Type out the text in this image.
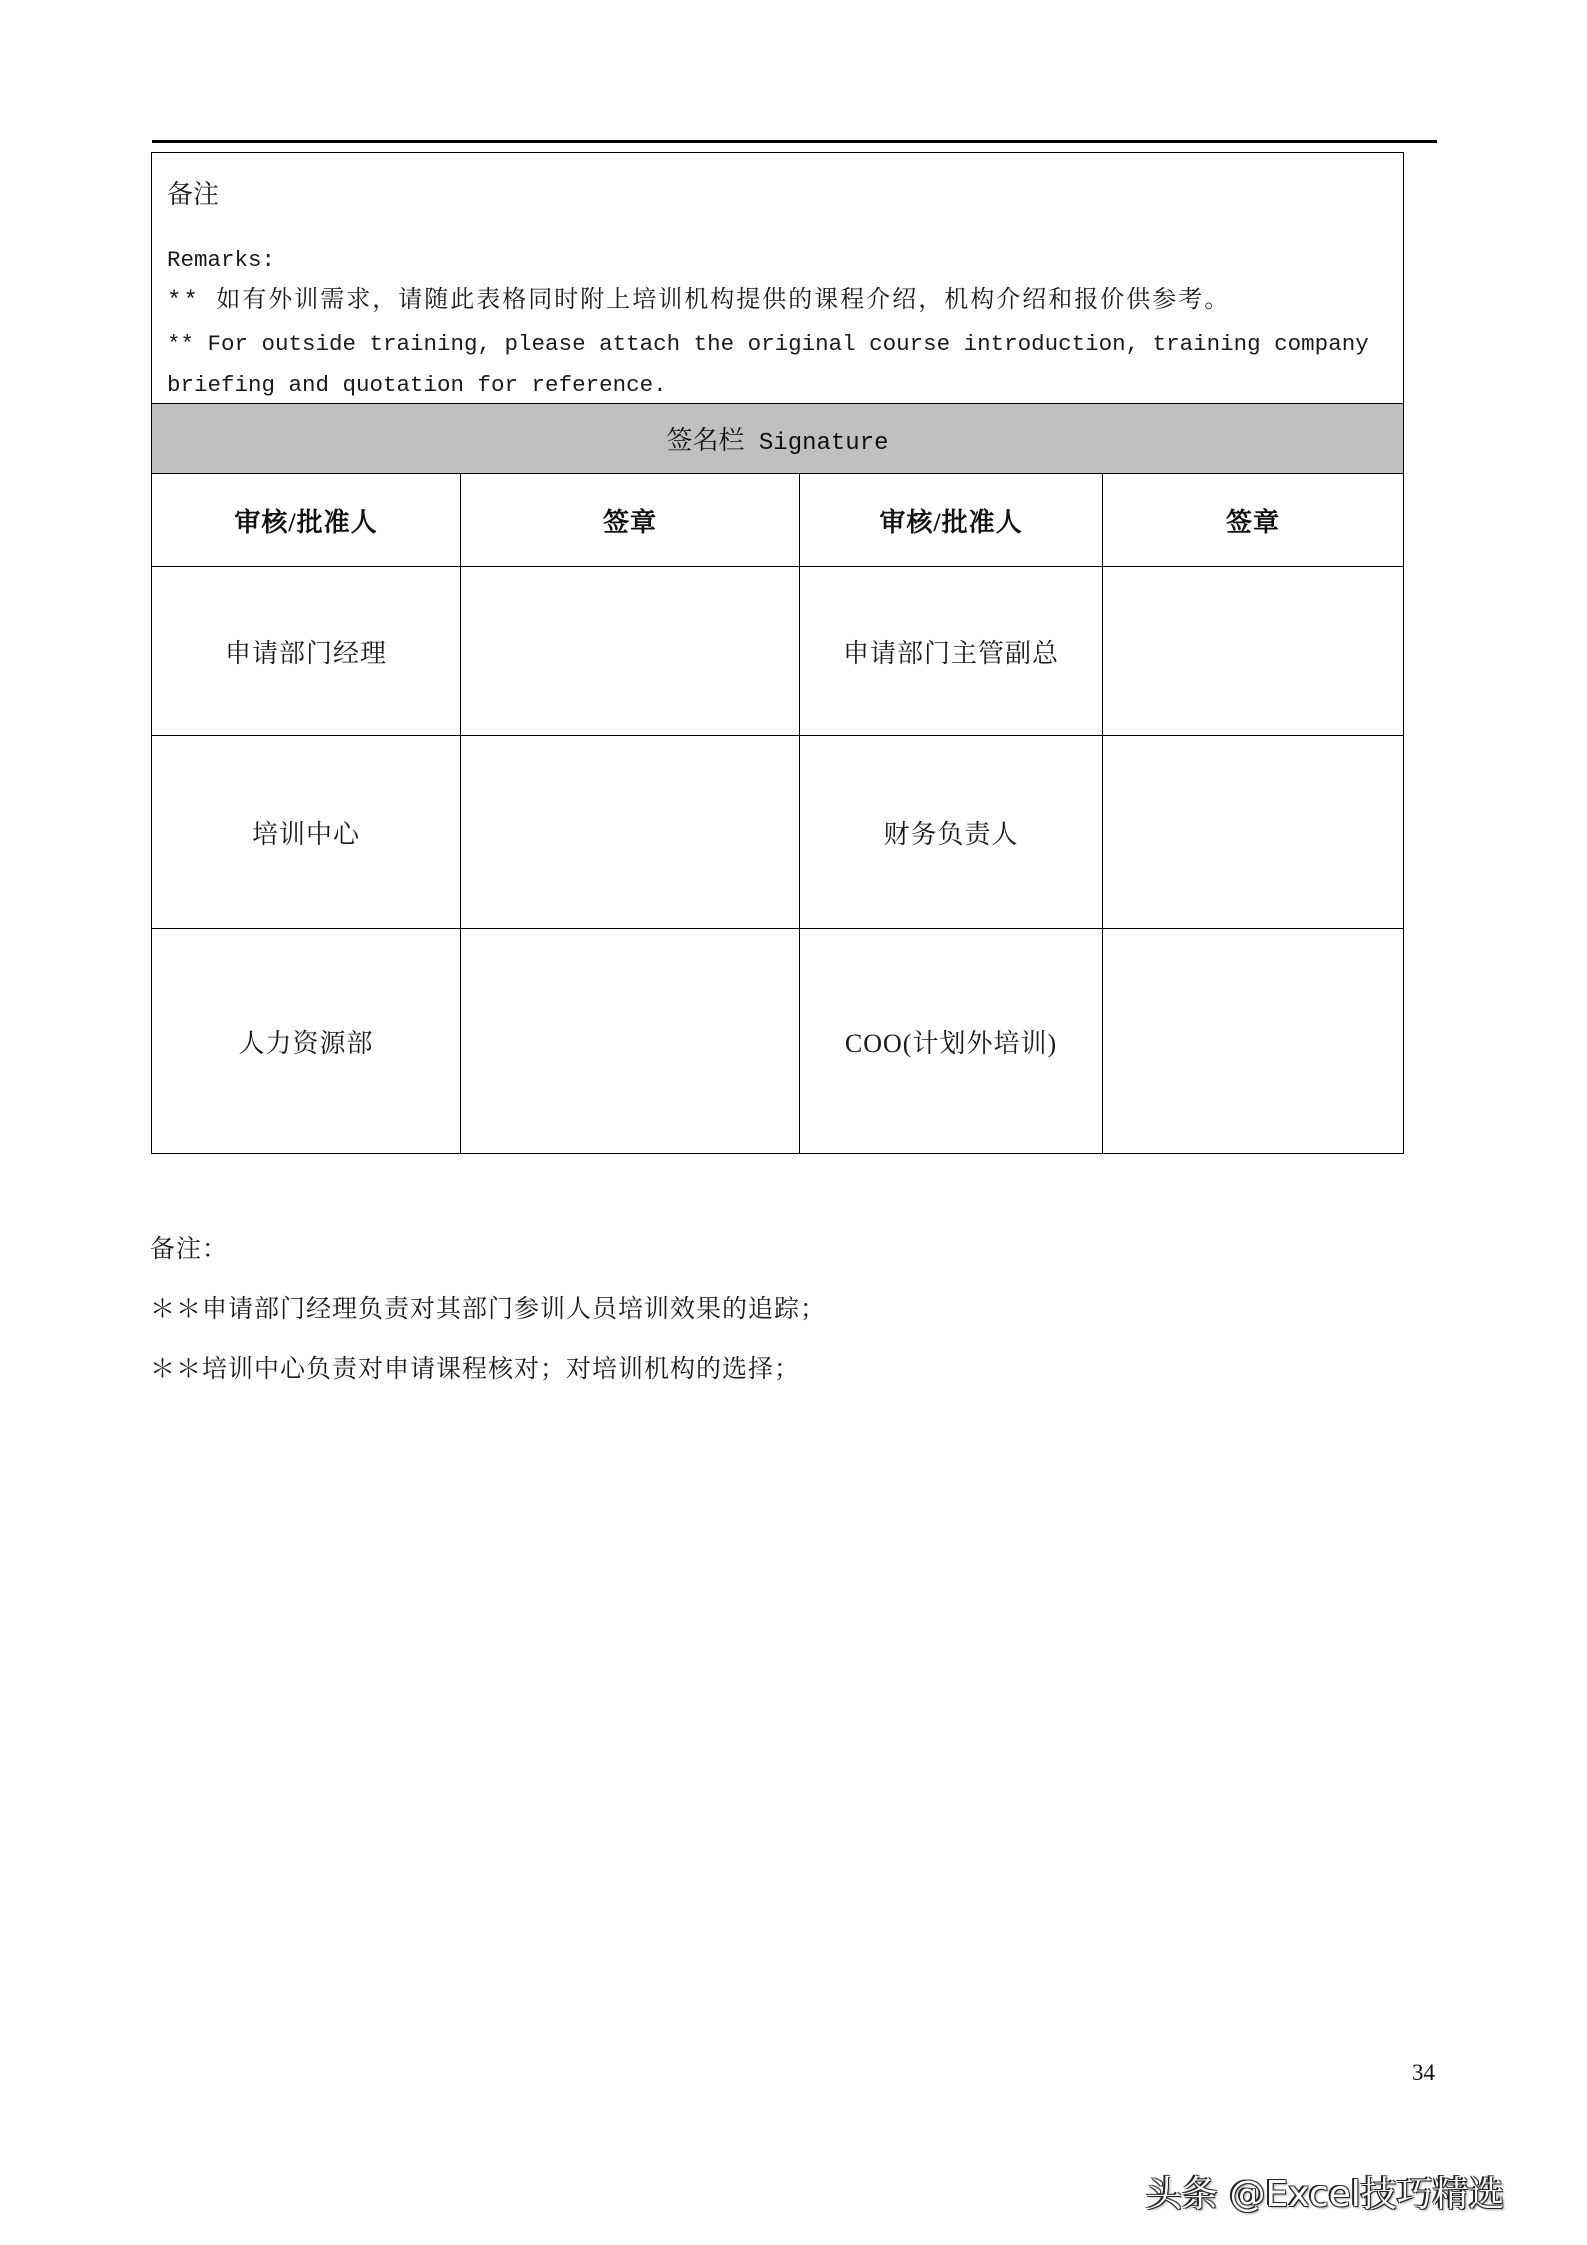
备注
Remarks:
** 如有外训需求，请随此表格同时附上培训机构提供的课程介绍，机构介绍和报价供参考。
** For outside training, please attach the original course introduction, training company
briefing and quotation for reference.			

签名栏 Signature			
审核/批准人	签章	审核/批准人	签章
申请部门经理		申请部门主管副总	
培训中心		财务负责人	
人力资源部		COO(计划外培训)	
备注：
＊＊申请部门经理负责对其部门参训人员培训效果的追踪；
＊＊培训中心负责对申请课程核对；对培训机构的选择；
34
头条 @Excel技巧精选
